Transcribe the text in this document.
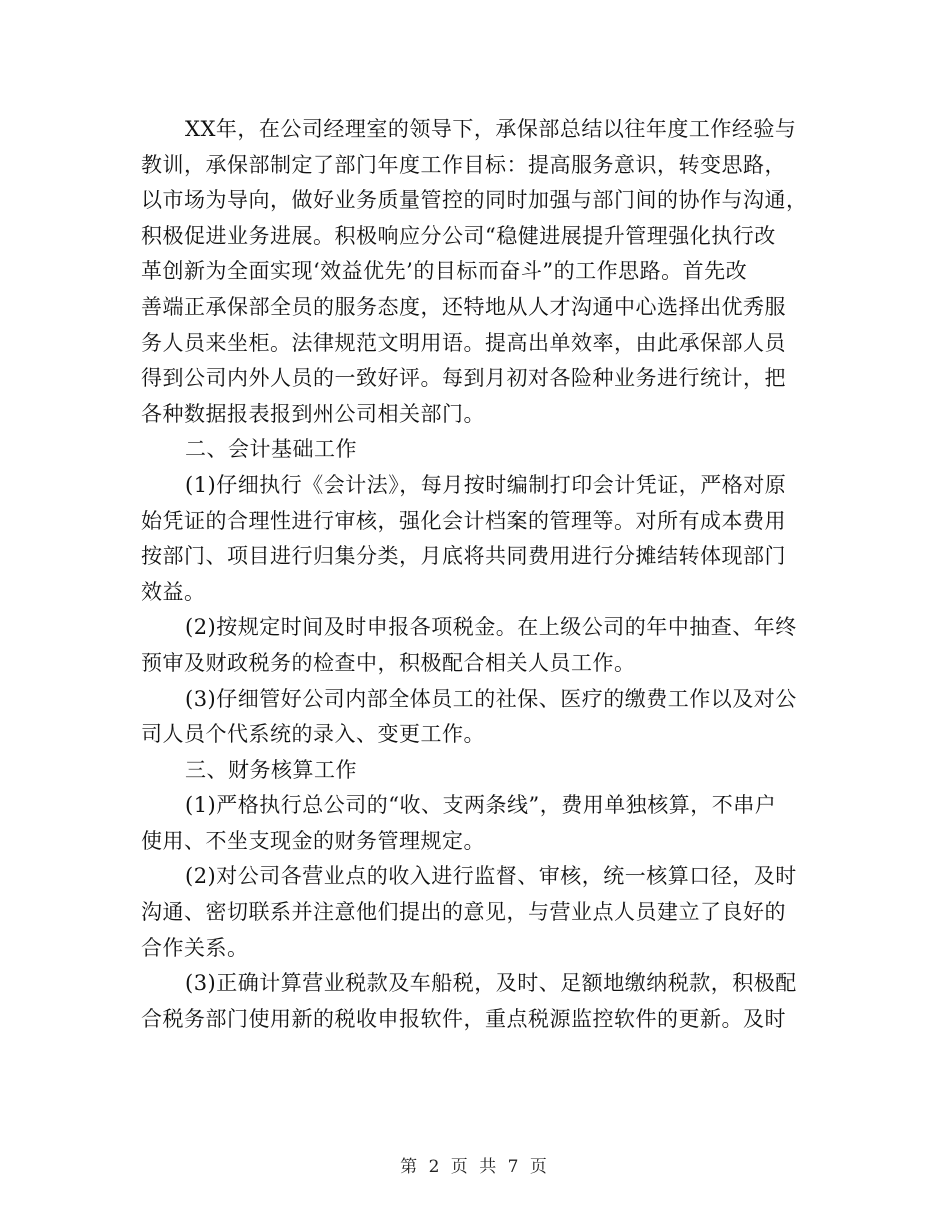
XX年，在公司经理室的领导下，承保部总结以往年度工作经验与
教训，承保部制定了部门年度工作目标：提高服务意识，转变思路，
以市场为导向，做好业务质量管控的同时加强与部门间的协作与沟通，
积极促进业务进展。积极响应分公司“稳健进展提升管理强化执行改
革创新为全面实现‘效益优先’的目标而奋斗”的工作思路。首先改
善端正承保部全员的服务态度，还特地从人才沟通中心选择出优秀服
务人员来坐柜。法律规范文明用语。提高出单效率，由此承保部人员
得到公司内外人员的一致好评。每到月初对各险种业务进行统计，把
各种数据报表报到州公司相关部门。
二、会计基础工作
(1)仔细执行《会计法》，每月按时编制打印会计凭证，严格对原
始凭证的合理性进行审核，强化会计档案的管理等。对所有成本费用
按部门、项目进行归集分类，月底将共同费用进行分摊结转体现部门
效益。
(2)按规定时间及时申报各项税金。在上级公司的年中抽查、年终
预审及财政税务的检查中，积极配合相关人员工作。
(3)仔细管好公司内部全体员工的社保、医疗的缴费工作以及对公
司人员个代系统的录入、变更工作。
三、财务核算工作
(1)严格执行总公司的“收、支两条线”，费用单独核算，不串户
使用、不坐支现金的财务管理规定。
(2)对公司各营业点的收入进行监督、审核，统一核算口径，及时
沟通、密切联系并注意他们提出的意见，与营业点人员建立了良好的
合作关系。
(3)正确计算营业税款及车船税，及时、足额地缴纳税款，积极配
合税务部门使用新的税收申报软件，重点税源监控软件的更新。及时
第 2 页 共 7 页
